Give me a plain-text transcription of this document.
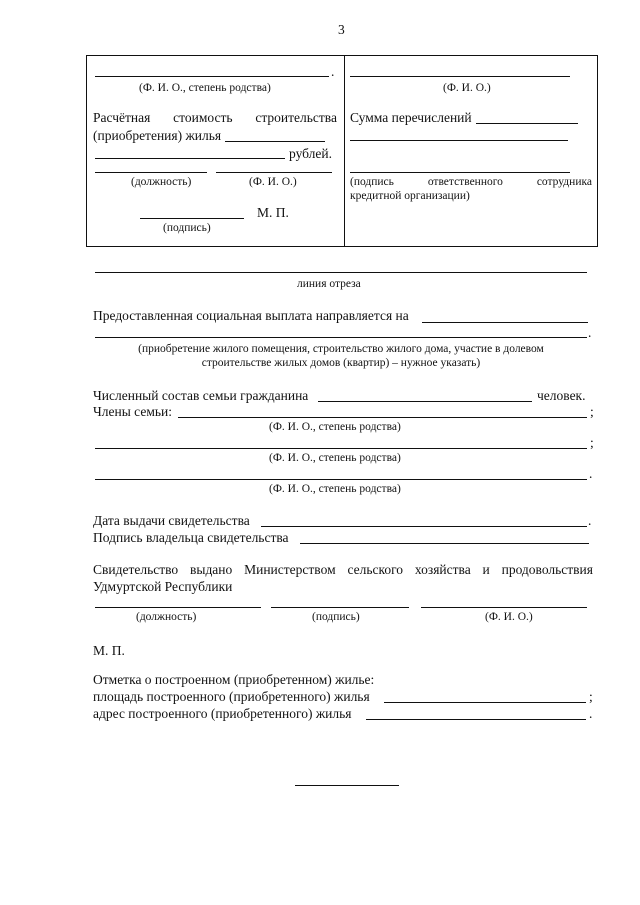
3
.
(Ф. И. О., степень родства)
Расчётная стоимость строительства
(приобретения) жилья
рублей.
(должность)	(Ф. И. О.)
М. П.
(подпись)
(Ф. И. О.)
Сумма перечислений
(подпись ответственного сотрудника
кредитной организации)
линия отреза
Предоставленная социальная выплата направляется на
.
(приобретение жилого помещения, строительство жилого дома, участие в долевом
строительстве жилых домов (квартир) – нужное указать)
Численный состав семьи гражданина	человек.
Члены семьи:	;
(Ф. И. О., степень родства)
;
(Ф. И. О., степень родства)
.
(Ф. И. О., степень родства)
Дата выдачи свидетельства	.
Подпись владельца свидетельства
Свидетельство выдано Министерством сельского хозяйства и продовольствия
Удмуртской Республики
(должность)	(подпись)	(Ф. И. О.)
М. П.
Отметка о построенном (приобретенном) жилье:
площадь построенного (приобретенного) жилья	;
адрес построенного (приобретенного) жилья	.
